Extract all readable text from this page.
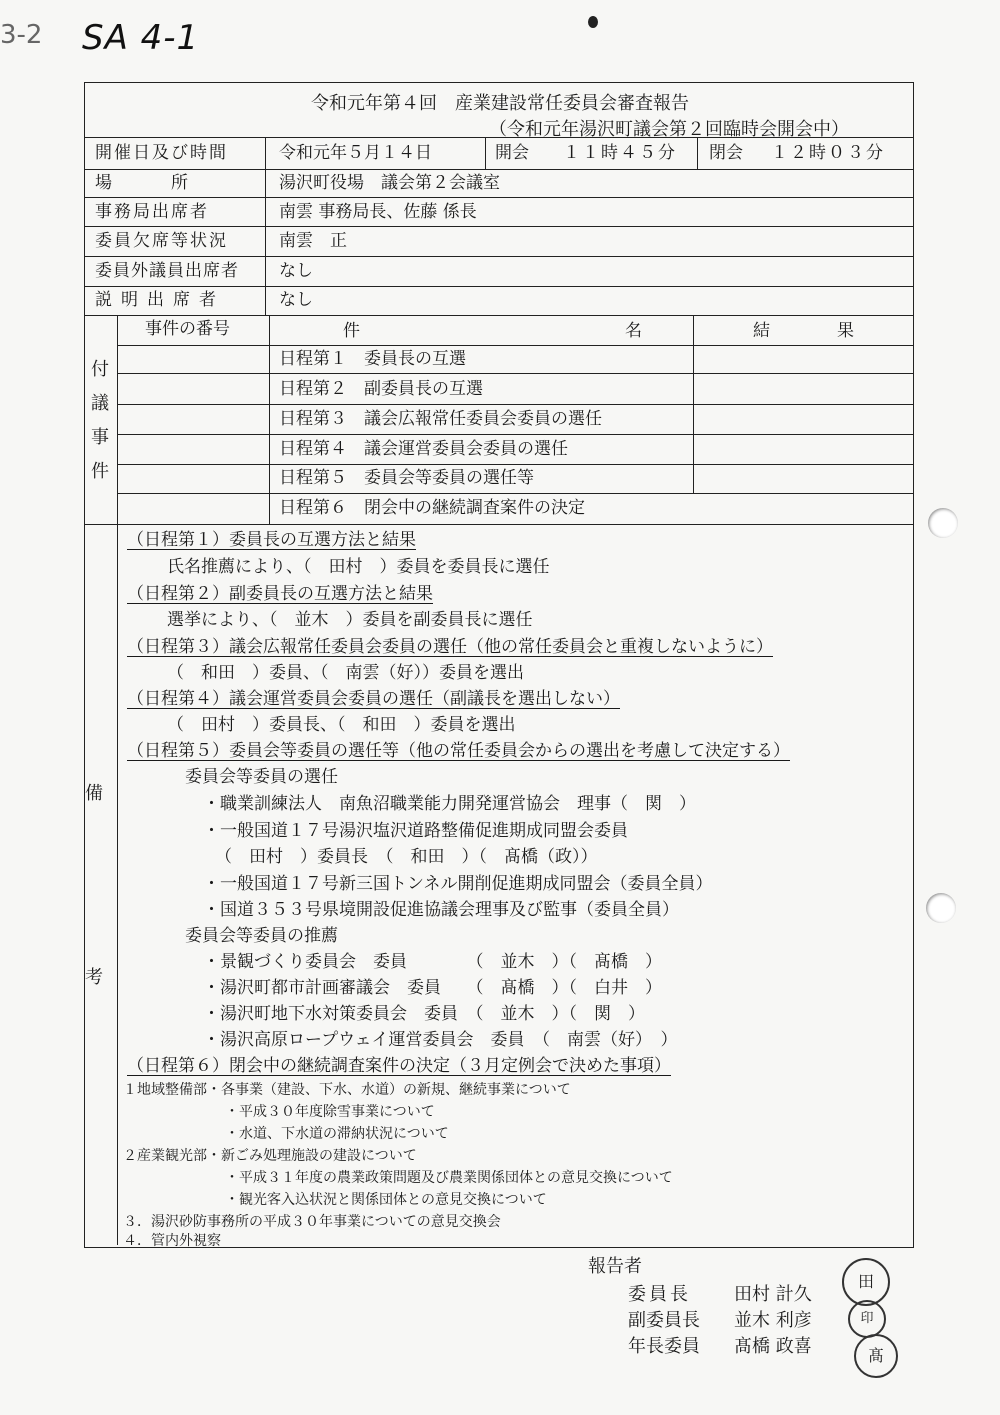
3-2 SA 4-1
令和元年第４回　産業建設常任委員会審査報告
（令和元年湯沢町議会第２回臨時会開会中）
開催日及び時間	令和元年５月１４日	開会 １１時４５分 閉会 １２時０３分
場　　　所	湯沢町役場　議会第２会議室
事務局出席者	南雲 事務局長、佐藤 係長
委員欠席等状況	南雲　正
委員外議員出席者 なし
説明出席者	なし
付
議
事
件
事件の番号	件	名	結	果
日程第１　委員長の互選
日程第２　副委員長の互選
日程第３　議会広報常任委員会委員の選任
日程第４　議会運営委員会委員の選任
日程第５　委員会等委員の選任等
日程第６　閉会中の継続調査案件の決定
備
考
（日程第１）委員長の互選方法と結果
氏名推薦により、（　田村　）委員を委員長に選任
（日程第２）副委員長の互選方法と結果
選挙により、（　並木　）委員を副委員長に選任
（日程第３）議会広報常任委員会委員の選任（他の常任委員会と重複しないように）
（　和田　）委員、（　南雲（好））委員を選出
（日程第４）議会運営委員会委員の選任（副議長を選出しない）
（　田村　）委員長、（　和田　）委員を選出
（日程第５）委員会等委員の選任等（他の常任委員会からの選出を考慮して決定する）
委員会等委員の選任
・職業訓練法人　南魚沼職業能力開発運営協会　理事（　関　）
・一般国道１７号湯沢塩沢道路整備促進期成同盟会委員
（　田村　）委員長　（　和田　）（　髙橋（政））
・一般国道１７号新三国トンネル開削促進期成同盟会（委員全員）
・国道３５３号県境開設促進協議会理事及び監事（委員全員）
委員会等委員の推薦
・景観づくり委員会　委員　　　　（　並木　）（　髙橋　）
・湯沢町都市計画審議会　委員　　（　髙橋　）（　白井　）
・湯沢町地下水対策委員会　委員　（　並木　）（　関　）
・湯沢高原ロープウェイ運営委員会　委員　（　南雲（好）　）
（日程第６）閉会中の継続調査案件の決定（３月定例会で決めた事項）
１地域整備部・各事業（建設、下水、水道）の新規、継続事業について
・平成３０年度除雪事業について
・水道、下水道の滞納状況について
２産業観光部・新ごみ処理施設の建設について
・平成３１年度の農業政策問題及び農業関係団体との意見交換について
・観光客入込状況と関係団体との意見交換について
３．湯沢砂防事務所の平成３０年事業についての意見交換会
４．管内外視察
報告者
委員長 田村 計久
副委員長 並木 利彦
年長委員 髙橋 政喜
田
印
髙
